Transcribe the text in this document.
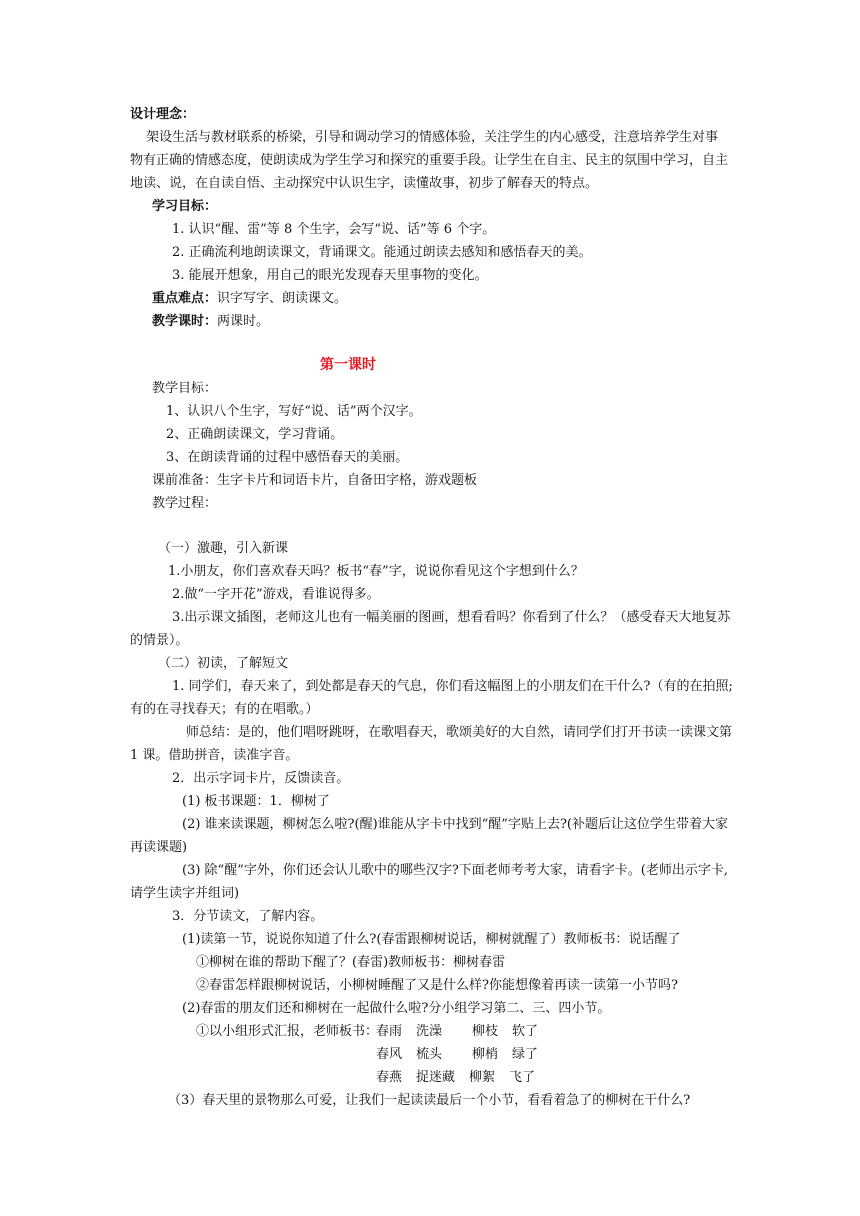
设计理念：
架设生活与教材联系的桥梁，引导和调动学习的情感体验，关注学生的内心感受，注意培养学生对事
物有正确的情感态度，使朗读成为学生学习和探究的重要手段。让学生在自主、民主的氛围中学习，自主
地读、说，在自读自悟、主动探究中认识生字，读懂故事，初步了解春天的特点。
学习目标：
1. 认识“醒、雷”等 8 个生字，会写“说、话”等 6 个字。
2. 正确流利地朗读课文，背诵课文。能通过朗读去感知和感悟春天的美。
3. 能展开想象，用自己的眼光发现春天里事物的变化。
重点难点：识字写字、朗读课文。
教学课时：两课时。
第一课时
教学目标：
1、认识八个生字，写好“说、话”两个汉字。
2、正确朗读课文，学习背诵。
3、在朗读背诵的过程中感悟春天的美丽。
课前准备：生字卡片和词语卡片，自备田字格，游戏题板
教学过程：
（一）激趣，引入新课
1.小朋友，你们喜欢春天吗？板书“春”字，说说你看见这个字想到什么？
2.做“一字开花”游戏，看谁说得多。
3.出示课文插图，老师这儿也有一幅美丽的图画，想看看吗？你看到了什么？（感受春天大地复苏
的情景）。
（二）初读，了解短文
1. 同学们，春天来了，到处都是春天的气息，你们看这幅图上的小朋友们在干什么?（有的在拍照;
有的在寻找春天；有的在唱歌。）
师总结：是的，他们唱呀跳呀，在歌唱春天，歌颂美好的大自然，请同学们打开书读一读课文第
1 课。借助拼音，读准字音。
2．出示字词卡片，反馈读音。
(1) 板书课题：1．柳树了
(2) 谁来读课题，柳树怎么啦?(醒)谁能从字卡中找到“醒”字贴上去?(补题后让这位学生带着大家
再读课题)
(3) 除“醒”字外，你们还会认儿歌中的哪些汉字?下面老师考考大家，请看字卡。(老师出示字卡,
请学生读字并组词)
3．分节读文，了解内容。
(1)读第一节，说说你知道了什么?(春雷跟柳树说话，柳树就醒了）教师板书：说话醒了
①柳树在谁的帮助下醒了？(春雷)教师板书：柳树春雷
②春雷怎样跟柳树说话，小柳树睡醒了又是什么样?你能想像着再读一读第一小节吗?
(2)春雷的朋友们还和柳树在一起做什么啦?分小组学习第二、三、四小节。
①以小组形式汇报，老师板书：
春雨 洗澡 柳枝 软了
春风 梳头 柳梢 绿了
春燕 捉迷藏 柳絮 飞了
（3）春天里的景物那么可爱，让我们一起读读最后一个小节，看看着急了的柳树在干什么?
